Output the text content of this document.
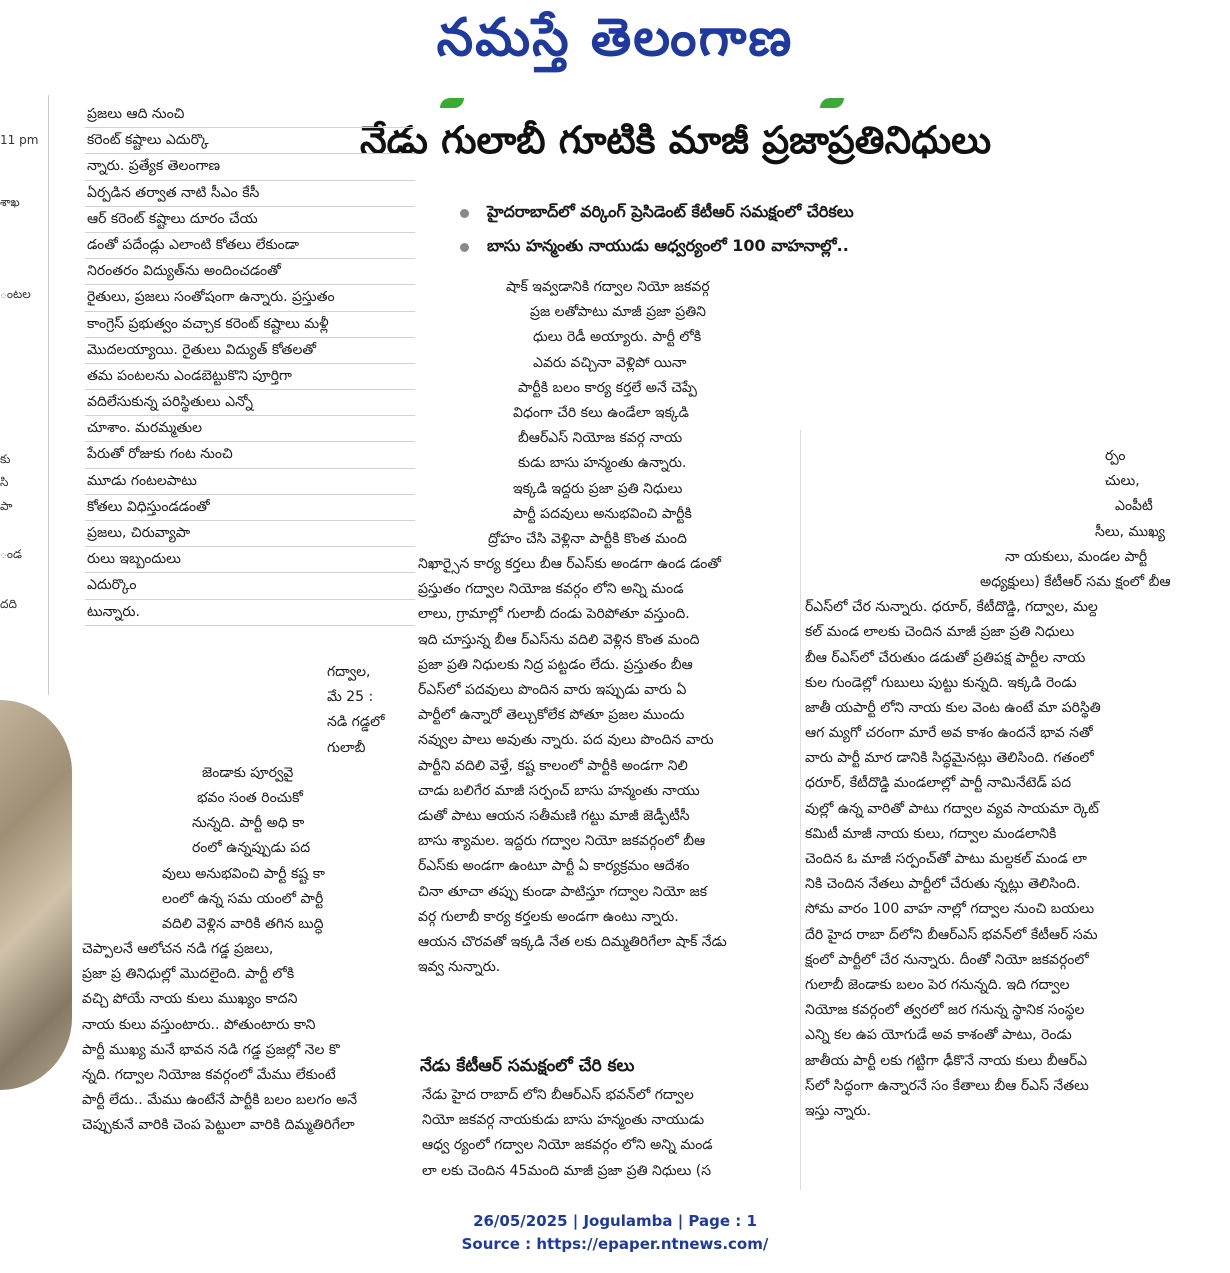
నమస్తే తెలంగాణ
11 pm
శాఖ
ంటల
కు
సి
పా
ండ
దది
నేడు గులాబీ గూటికి మాజీ ప్రజాప్రతినిధులు
హైదరాబాద్‌లో వర్కింగ్ ప్రెసిడెంట్ కేటీఆర్ సమక్షంలో చేరికలు
బాసు హన్మంతు నాయుడు ఆధ్వర్యంలో 100 వాహనాల్లో..
ప్రజలు ఆది నుంచి
కరెంట్ కష్టాలు ఎదుర్కొ
న్నారు. ప్రత్యేక తెలంగాణ
ఏర్పడిన తర్వాత నాటి సీఎం కేసీ
ఆర్ కరెంట్ కష్టాలు దూరం చేయ
డంతో పదేండ్లు ఎలాంటి కోతలు లేకుండా
నిరంతరం విద్యుత్‌ను అందించడంతో
రైతులు, ప్రజలు సంతోషంగా ఉన్నారు. ప్రస్తుతం
కాంగ్రెస్ ప్రభుత్వం వచ్చాక కరెంట్ కష్టాలు మళ్లీ
మొదలయ్యాయి. రైతులు విద్యుత్ కోతలతో
తమ పంటలను ఎండబెట్టుకొని పూర్తిగా
వదిలేసుకున్న పరిస్థితులు ఎన్నో
చూశాం. మరమ్మతుల
పేరుతో రోజుకు గంట నుంచి
మూడు గంటలపాటు
కోతలు విధిస్తుండడంతో
ప్రజలు, చిరువ్యాపా
రులు ఇబ్బందులు
ఎదుర్కొం
టున్నారు.
గద్వాల,
మే 25 :
నడి గడ్డలో
గులాబీ
జెండాకు పూర్వవై
భవం సంత రించుకో
నున్నది. పార్టీ అధి కా
రంలో ఉన్నప్పుడు పద
వులు అనుభవించి పార్టీ కష్ట కా
లంలో ఉన్న సమ యంలో పార్టీ
వదిలి వెళ్లిన వారికి తగిన బుద్ధి
చెప్పాలనే ఆలోచన నడి గడ్డ ప్రజలు,
ప్రజా ప్ర తినిధుల్లో మొదలైంది. పార్టీ లోకి
వచ్చి పోయే నాయ కులు ముఖ్యం కాదని
నాయ కులు వస్తుంటారు.. పోతుంటారు కాని
పార్టీ ముఖ్య మనే భావన నడి గడ్డ ప్రజల్లో నెల కొ
న్నది. గద్వాల నియోజ కవర్గంలో మేము లేకుంటే
పార్టీ లేదు.. మేము ఉంటేనే పార్టీకి బలం బలగం అనే
చెప్పుకునే వారికి చెంప పెట్టులా వారికి దిమ్మతిరిగేలా
షాక్ ఇవ్వడానికి గద్వాల నియో జకవర్గ
ప్రజ లతోపాటు మాజీ ప్రజా ప్రతిని
ధులు రెడీ అయ్యారు. పార్టీ లోకి
ఎవరు వచ్చినా వెళ్లిపో యినా
పార్టీకి బలం కార్య కర్తలే అనే చెప్పే
విధంగా చేరి కలు ఉండేలా ఇక్కడి
బీఆర్ఎస్ నియోజ కవర్గ నాయ
కుడు బాసు హన్మంతు ఉన్నారు.
ఇక్కడి ఇద్దరు ప్రజా ప్రతి నిధులు
పార్టీ పదవులు అనుభవించి పార్టీకి
ద్రోహం చేసి వెళ్లినా పార్టీకి కొంత మంది
నిఖార్సైన కార్య కర్తలు బీఆ ర్ఎస్‌కు అండగా ఉండ డంతో
ప్రస్తుతం గద్వాల నియోజ కవర్గం లోని అన్ని మండ
లాలు, గ్రామాల్లో గులాబీ దండు పెరిపోతూ వస్తుంది.
ఇది చూస్తున్న బీఆ ర్ఎస్‌ను వదిలి వెళ్లిన కొంత మంది
ప్రజా ప్రతి నిధులకు నిద్ర పట్టడం లేదు. ప్రస్తుతం బీఆ
ర్ఎస్‌లో పదవులు పొందిన వారు ఇప్పుడు వారు ఏ
పార్టీలో ఉన్నారో తెల్చుకోలేక పోతూ ప్రజల ముందు
నవ్వుల పాలు అవుతు న్నారు. పద వులు పొందిన వారు
పార్టీని వదిలి వెళ్తే, కష్ట కాలంలో పార్టీకి అండగా నిలి
చాడు బలిగేర మాజీ సర్పంచ్ బాసు హన్మంతు నాయు
డుతో పాటు ఆయన సతీమణి గట్టు మాజీ జెడ్పీటీసీ
బాసు శ్యామల. ఇద్దరు గద్వాల నియో జకవర్గంలో బీఆ
ర్ఎస్‌కు అండగా ఉంటూ పార్టీ ఏ కార్యక్రమం ఆదేశం
చినా తూచా తప్పు కుండా పాటిస్తూ గద్వాల నియో జక
వర్గ గులాబీ కార్య కర్తలకు అండగా ఉంటు న్నారు.
ఆయన చొరవతో ఇక్కడి నేత లకు దిమ్మతిరిగేలా షాక్ నేడు
ఇవ్వ నున్నారు.
నేడు కేటీఆర్ సమక్షంలో చేరి కలు
నేడు హైద రాబాద్ లోని బీఆర్ఎస్ భవన్‌లో గద్వాల
నియో జకవర్గ నాయకుడు బాసు హన్మంతు నాయుడు
ఆధ్వ ర్యంలో గద్వాల నియో జకవర్గం లోని అన్ని మండ
లా లకు చెందిన 45మంది మాజీ ప్రజా ప్రతి నిధులు (స
ర్పం
చులు,
ఎంపీటీ
సీలు, ముఖ్య
నా యకులు, మండల పార్టీ
అధ్యక్షులు) కేటీఆర్ సమ క్షంలో బీఆ
ర్ఎస్‌లో చేర నున్నారు. ధరూర్, కేటీదొడ్డి, గద్వాల, మల్ద
కల్ మండ లాలకు చెందిన మాజీ ప్రజా ప్రతి నిధులు
బీఆ ర్ఎస్‌లో చేరుతుం డడుతో ప్రతిపక్ష పార్టీల నాయ
కుల గుండెల్లో గుబులు పుట్టు కున్నది. ఇక్కడి రెండు
జాతీ యపార్టీ లోని నాయ కుల వెంట ఉంటే మా పరిస్థితి
ఆగ మ్యగో చరంగా మారే అవ కాశం ఉందనే భావ నతో
వారు పార్టీ మార డానికి సిద్ధమైనట్లు తెలిసింది. గతంలో
ధరూర్, కేటీదొడ్డి మండలాల్లో పార్టీ నామినేటెడ్ పద
వుల్లో ఉన్న వారితో పాటు గద్వాల వ్యవ సాయమా ర్కెట్
కమిటీ మాజీ నాయ కులు, గద్వాల మండలానికి
చెందిన ఓ మాజీ సర్పంచ్‌తో పాటు మల్దకల్ మండ లా
నికి చెందిన నేతలు పార్టీలో చేరుతు న్నట్లు తెలిసింది.
సోమ వారం 100 వాహ నాల్లో గద్వాల నుంచి బయలు
దేరి హైద రాబా ద్‌లోని బీఆర్ఎస్ భవన్‌లో కేటీఆర్ సమ
క్షంలో పార్టీలో చేర నున్నారు. దీంతో నియో జకవర్గంలో
గులాబీ జెండాకు బలం పెర గనున్నది. ఇది గద్వాల
నియోజ కవర్గంలో త్వరలో జర గనున్న స్థానిక సంస్థల
ఎన్ని కల ఉప యోగుడే అవ కాశంతో పాటు, రెండు
జాతీయ పార్టీ లకు గట్టిగా ఢీకొనే నాయ కులు బీఆర్ఎ
స్‌లో సిద్ధంగా ఉన్నారనే సం కేతాలు బీఆ ర్ఎస్ నేతలు
ఇస్తు న్నారు.
26/05/2025 | Jogulamba | Page : 1
Source : https://epaper.ntnews.com/
